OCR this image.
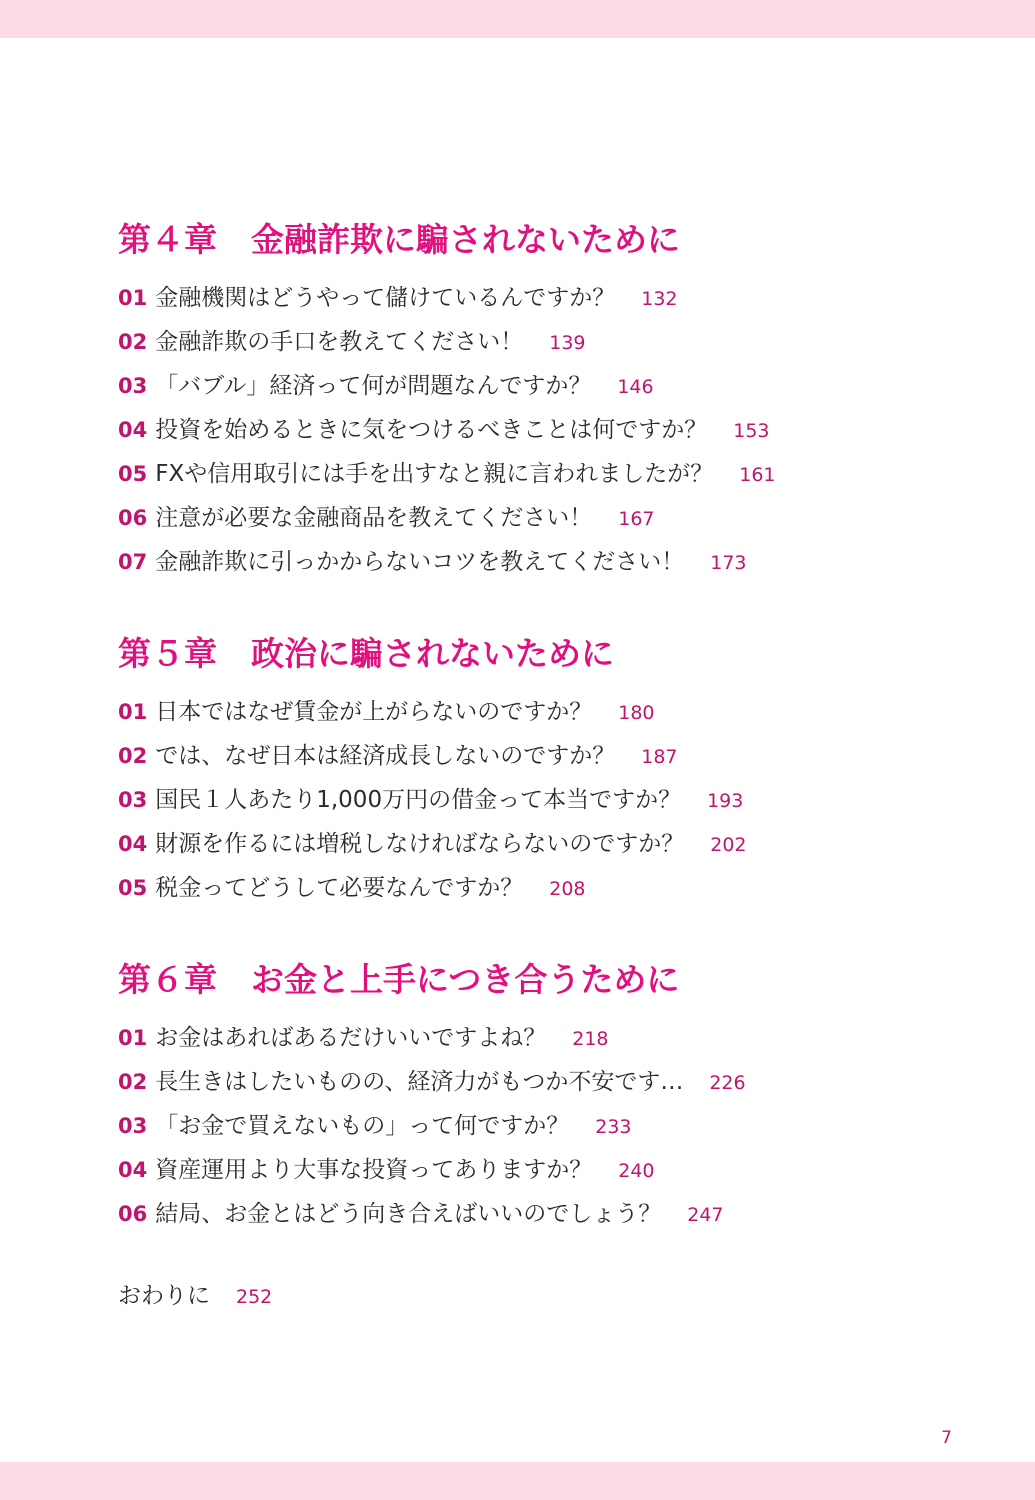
第４章 金融詐欺に騙されないために
01 金融機関はどうやって儲けているんですか？ 132
02 金融詐欺の手口を教えてください！ 139
03 「バブル」経済って何が問題なんですか？ 146
04 投資を始めるときに気をつけるべきことは何ですか？ 153
05 FXや信用取引には手を出すなと親に言われましたが？ 161
06 注意が必要な金融商品を教えてください！ 167
07 金融詐欺に引っかからないコツを教えてください！ 173
第５章 政治に騙されないために
01 日本ではなぜ賃金が上がらないのですか？ 180
02 では、なぜ日本は経済成長しないのですか？ 187
03 国民１人あたり1,000万円の借金って本当ですか？ 193
04 財源を作るには増税しなければならないのですか？ 202
05 税金ってどうして必要なんですか？ 208
第６章 お金と上手につき合うために
01 お金はあればあるだけいいですよね？ 218
02 長生きはしたいものの、経済力がもつか不安です… 226
03 「お金で買えないもの」って何ですか？ 233
04 資産運用より大事な投資ってありますか？ 240
06 結局、お金とはどう向き合えばいいのでしょう？ 247
おわりに 252
7
